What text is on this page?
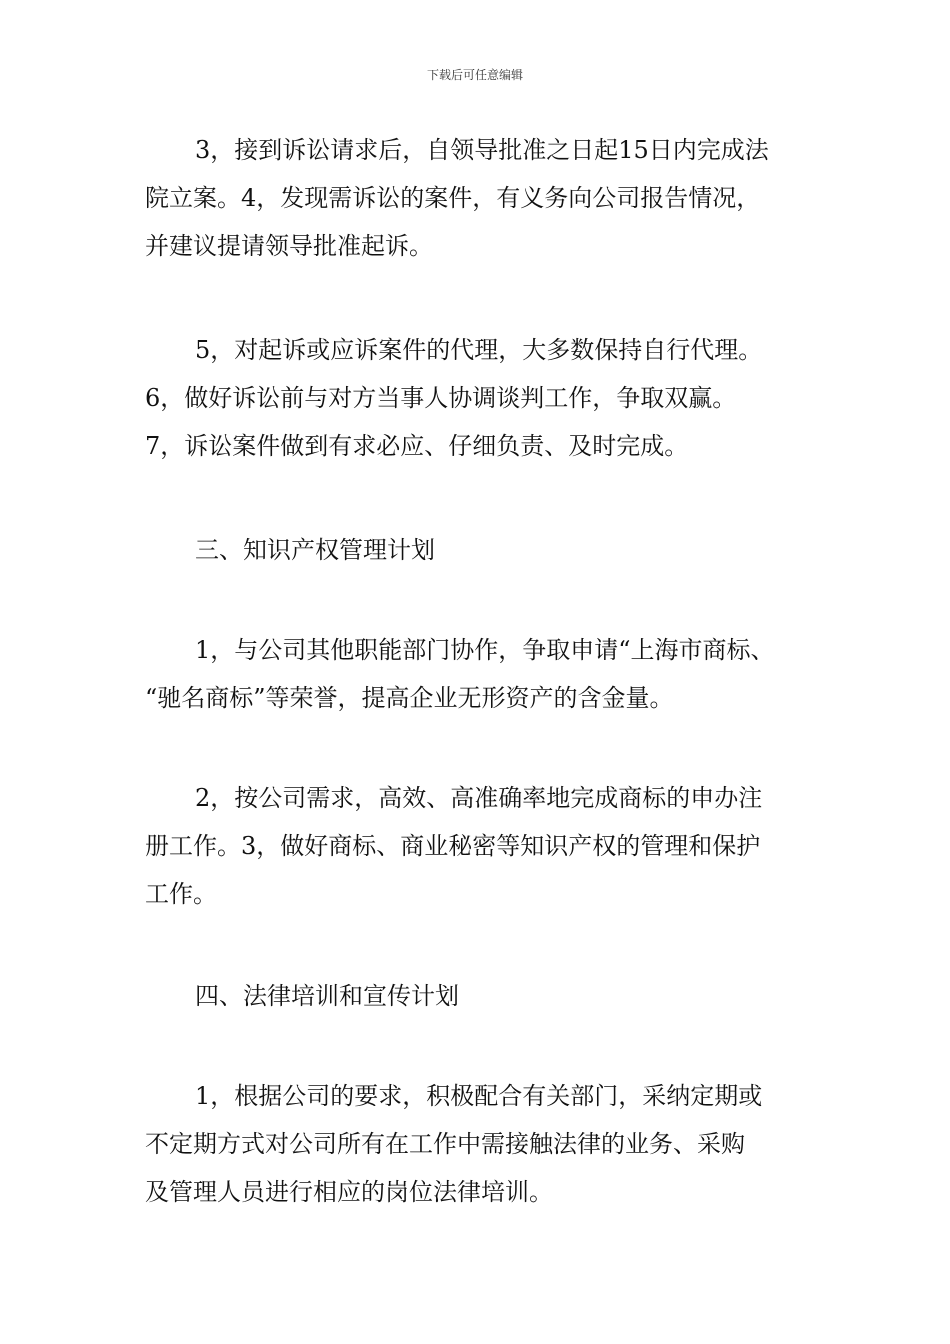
下载后可任意编辑
3，接到诉讼请求后，自领导批准之日起15日内完成法
院立案。4，发现需诉讼的案件，有义务向公司报告情况，
并建议提请领导批准起诉。
5，对起诉或应诉案件的代理，大多数保持自行代理。
6，做好诉讼前与对方当事人协调谈判工作，争取双赢。
7，诉讼案件做到有求必应、仔细负责、及时完成。
三、知识产权管理计划
1，与公司其他职能部门协作，争取申请“上海市商标、
“驰名商标”等荣誉，提高企业无形资产的含金量。
2，按公司需求，高效、高准确率地完成商标的申办注
册工作。3，做好商标、商业秘密等知识产权的管理和保护
工作。
四、法律培训和宣传计划
1，根据公司的要求，积极配合有关部门，采纳定期或
不定期方式对公司所有在工作中需接触法律的业务、采购
及管理人员进行相应的岗位法律培训。
